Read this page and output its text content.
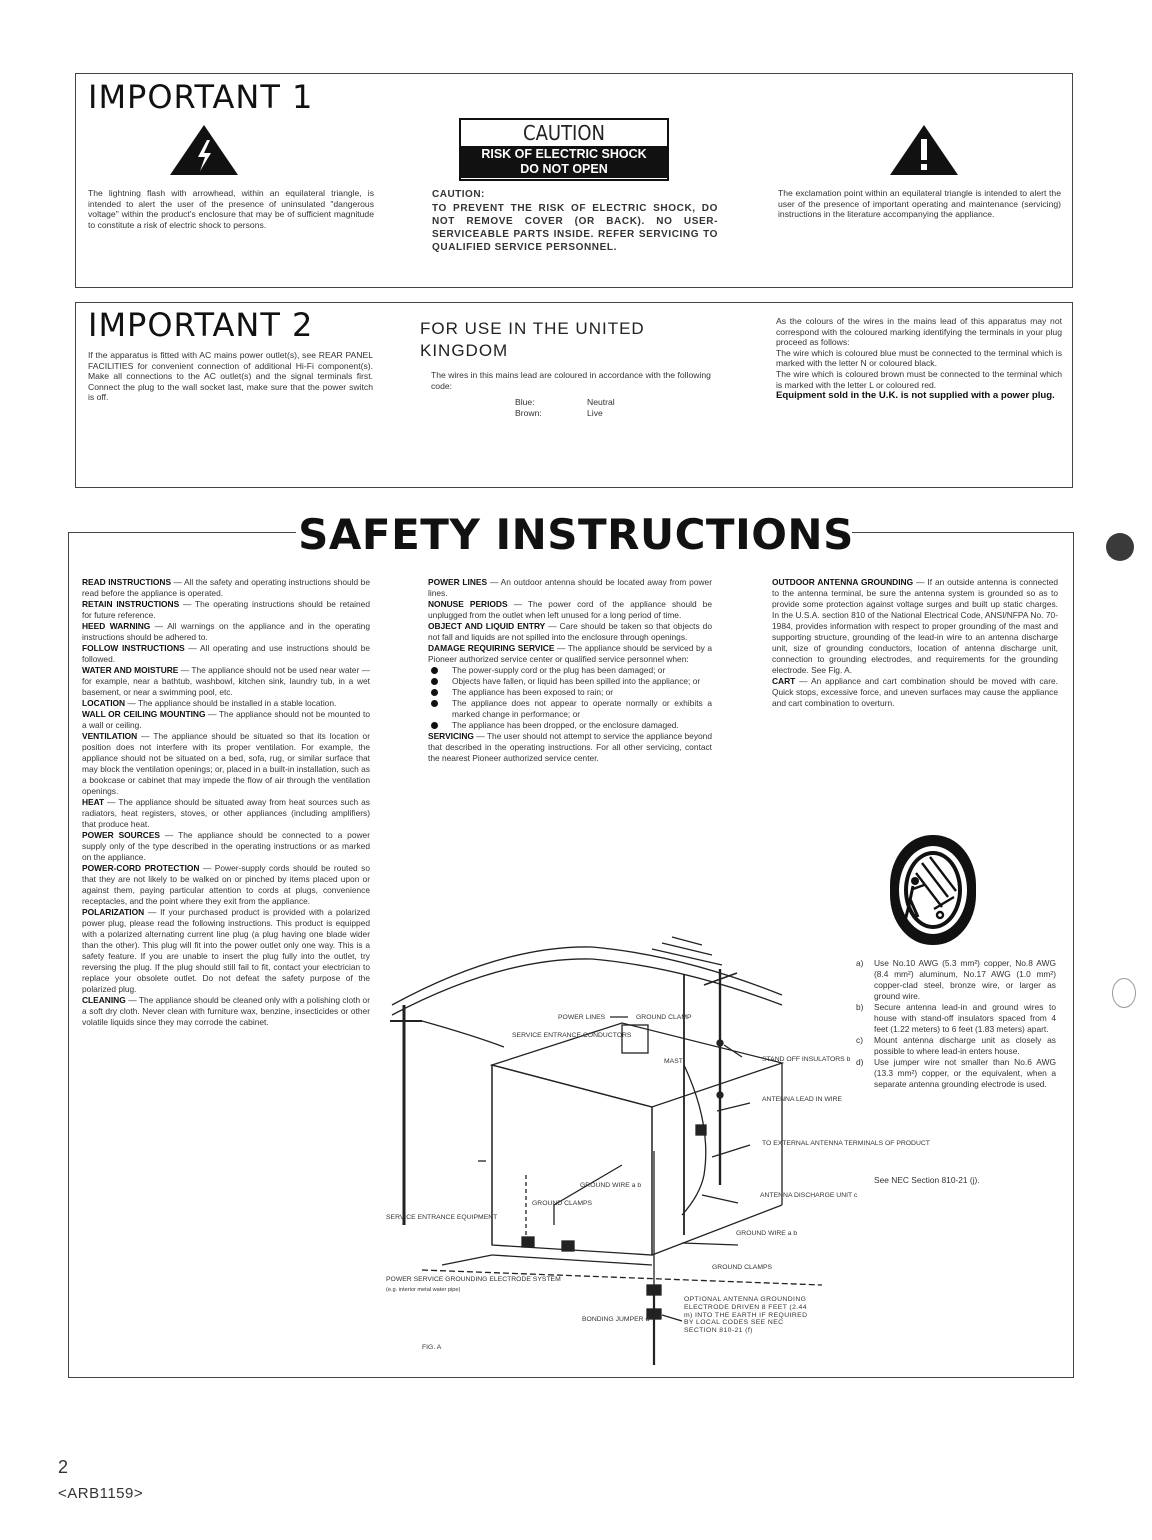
IMPORTANT 1
The lightning flash with arrowhead, within an equilateral triangle, is intended to alert the user of the presence of uninsulated "dangerous voltage" within the product's enclosure that may be of sufficient magnitude to constitute a risk of electric shock to persons.
CAUTION
RISK OF ELECTRIC SHOCK
DO NOT OPEN
CAUTION:
TO PREVENT THE RISK OF ELECTRIC SHOCK, DO NOT REMOVE COVER (OR BACK). NO USER-SERVICEABLE PARTS INSIDE. REFER SERVICING TO QUALIFIED SERVICE PERSONNEL.
The exclamation point within an equilateral triangle is intended to alert the user of the presence of important operating and maintenance (servicing) instructions in the literature accompanying the appliance.
IMPORTANT 2
If the apparatus is fitted with AC mains power outlet(s), see REAR PANEL FACILITIES for convenient connection of additional Hi-Fi component(s). Make all connections to the AC outlet(s) and the signal terminals first. Connect the plug to the wall socket last, make sure that the power switch is off.
FOR USE IN THE UNITED KINGDOM
The wires in this mains lead are coloured in accordance with the following code:
Blue:	Neutral
Brown:	Live
As the colours of the wires in the mains lead of this apparatus may not correspond with the coloured marking identifying the terminals in your plug proceed as follows:
The wire which is coloured blue must be connected to the terminal which is marked with the letter N or coloured black.
The wire which is coloured brown must be connected to the terminal which is marked with the letter L or coloured red.
Equipment sold in the U.K. is not supplied with a power plug.
SAFETY INSTRUCTIONS
READ INSTRUCTIONS — All the safety and operating instructions should be read before the appliance is operated.
RETAIN INSTRUCTIONS — The operating instructions should be retained for future reference.
HEED WARNING — All warnings on the appliance and in the operating instructions should be adhered to.
FOLLOW INSTRUCTIONS — All operating and use instructions should be followed.
WATER AND MOISTURE — The appliance should not be used near water — for example, near a bathtub, washbowl, kitchen sink, laundry tub, in a wet basement, or near a swimming pool, etc.
LOCATION — The appliance should be installed in a stable location.
WALL OR CEILING MOUNTING — The appliance should not be mounted to a wall or ceiling.
VENTILATION — The appliance should be situated so that its location or position does not interfere with its proper ventilation. For example, the appliance should not be situated on a bed, sofa, rug, or similar surface that may block the ventilation openings; or, placed in a built-in installation, such as a bookcase or cabinet that may impede the flow of air through the ventilation openings.
HEAT — The appliance should be situated away from heat sources such as radiators, heat registers, stoves, or other appliances (including amplifiers) that produce heat.
POWER SOURCES — The appliance should be connected to a power supply only of the type described in the operating instructions or as marked on the appliance.
POWER-CORD PROTECTION — Power-supply cords should be routed so that they are not likely to be walked on or pinched by items placed upon or against them, paying particular attention to cords at plugs, convenience receptacles, and the point where they exit from the appliance.
POLARIZATION — If your purchased product is provided with a polarized power plug, please read the following instructions. This product is equipped with a polarized alternating current line plug (a plug having one blade wider than the other). This plug will fit into the power outlet only one way. This is a safety feature. If you are unable to insert the plug fully into the outlet, try reversing the plug. If the plug should still fail to fit, contact your electrician to replace your obsolete outlet. Do not defeat the safety purpose of the polarized plug.
CLEANING — The appliance should be cleaned only with a polishing cloth or a soft dry cloth. Never clean with furniture wax, benzine, insecticides or other volatile liquids since they may corrode the cabinet.
POWER LINES — An outdoor antenna should be located away from power lines.
NONUSE PERIODS — The power cord of the appliance should be unplugged from the outlet when left unused for a long period of time.
OBJECT AND LIQUID ENTRY — Care should be taken so that objects do not fall and liquids are not spilled into the enclosure through openings.
DAMAGE REQUIRING SERVICE — The appliance should be serviced by a Pioneer authorized service center or qualified service personnel when:
The power-supply cord or the plug has been damaged; or
Objects have fallen, or liquid has been spilled into the appliance; or
The appliance has been exposed to rain; or
The appliance does not appear to operate normally or exhibits a marked change in performance; or
The appliance has been dropped, or the enclosure damaged.
SERVICING — The user should not attempt to service the appliance beyond that described in the operating instructions. For all other servicing, contact the nearest Pioneer authorized service center.
OUTDOOR ANTENNA GROUNDING — If an outside antenna is connected to the antenna terminal, be sure the antenna system is grounded so as to provide some protection against voltage surges and built up static charges. In the U.S.A. section 810 of the National Electrical Code, ANSI/NFPA No. 70-1984, provides information with respect to proper grounding of the mast and supporting structure, grounding of the lead-in wire to an antenna discharge unit, size of grounding conductors, location of antenna discharge unit, connection to grounding electrodes, and requirements for the grounding electrode. See Fig. A.
CART — An appliance and cart combination should be moved with care. Quick stops, excessive force, and uneven surfaces may cause the appliance and cart combination to overturn.
a)	Use No.10 AWG (5.3 mm²) copper, No.8 AWG (8.4 mm²) aluminum, No.17 AWG (1.0 mm²) copper-clad steel, bronze wire, or larger as ground wire.
b)	Secure antenna lead-in and ground wires to house with stand-off insulators spaced from 4 feet (1.22 meters) to 6 feet (1.83 meters) apart.
c)	Mount antenna discharge unit as closely as possible to where lead-in enters house.
d)	Use jumper wire not smaller than No.6 AWG (13.3 mm²) copper, or the equivalent, when a separate antenna grounding electrode is used.
See NEC Section 810-21 (j).
POWER LINES	GROUND CLAMP
SERVICE ENTRANCE CONDUCTORS
MAST	STAND OFF INSULATORS b
ANTENNA LEAD IN WIRE
TO EXTERNAL ANTENNA TERMINALS OF PRODUCT
ANTENNA DISCHARGE UNIT c
GROUND WIRE a b
GROUND CLAMPS
SERVICE ENTRANCE EQUIPMENT
GROUND WIRE a b
GROUND CLAMPS
POWER SERVICE GROUNDING ELECTRODE SYSTEM
(e.g. interior metal water pipe)
BONDING JUMPER d
FIG. A
OPTIONAL ANTENNA GROUNDING ELECTRODE DRIVEN 8 FEET (2.44 m) INTO THE EARTH IF REQUIRED BY LOCAL CODES SEE NEC SECTION 810-21 (f)
2
<ARB1159>
